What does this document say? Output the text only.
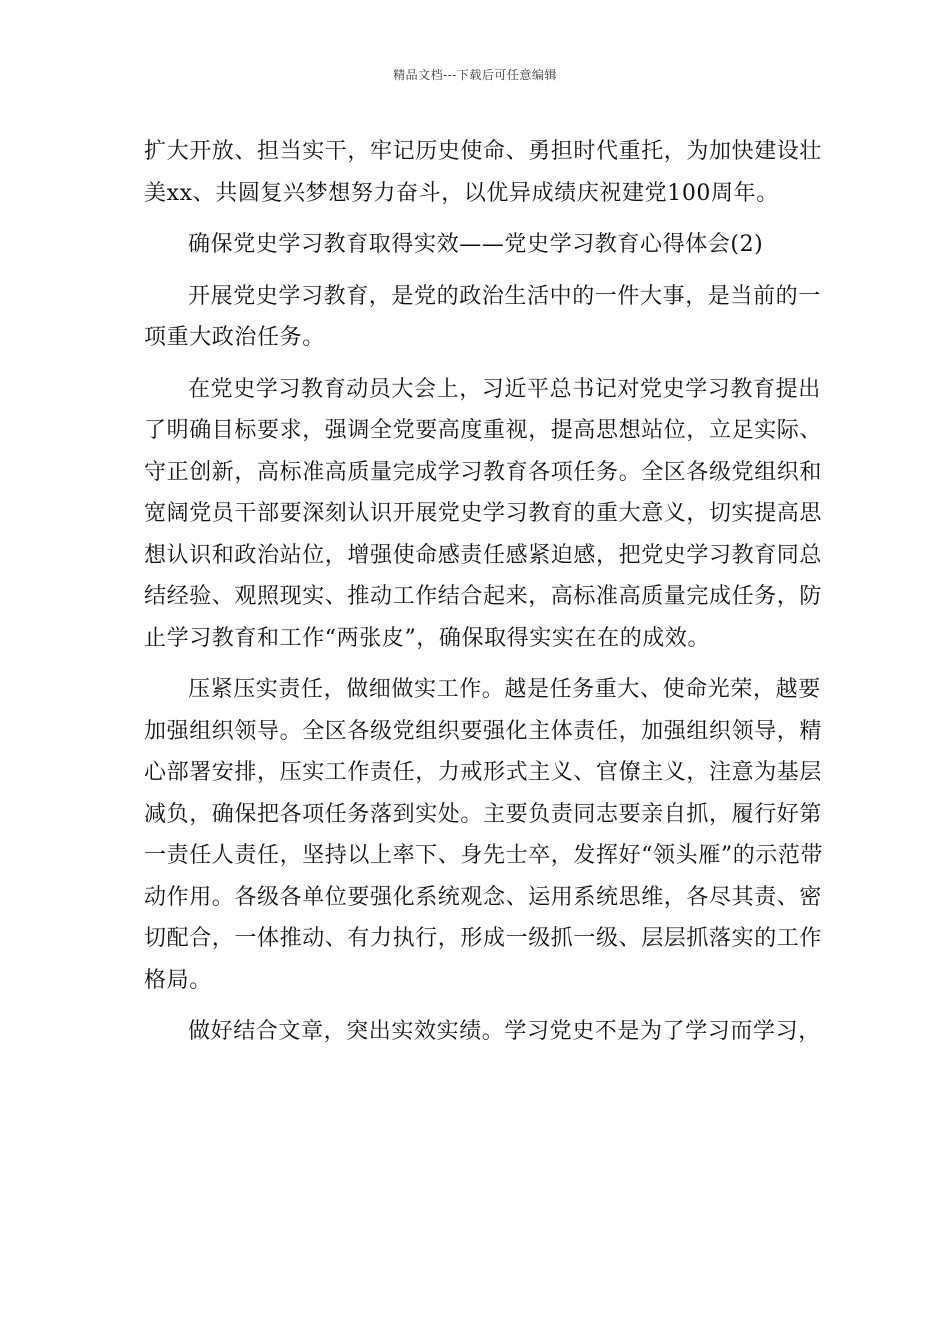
精品文档---下载后可任意编辑

扩大开放、担当实干，牢记历史使命、勇担时代重托，为加快建设壮美xx、共圆复兴梦想努力奋斗，以优异成绩庆祝建党100周年。

确保党史学习教育取得实效——党史学习教育心得体会(2)

开展党史学习教育，是党的政治生活中的一件大事，是当前的一项重大政治任务。

在党史学习教育动员大会上，习近平总书记对党史学习教育提出了明确目标要求，强调全党要高度重视，提高思想站位，立足实际、守正创新，高标准高质量完成学习教育各项任务。全区各级党组织和宽阔党员干部要深刻认识开展党史学习教育的重大意义，切实提高思想认识和政治站位，增强使命感责任感紧迫感，把党史学习教育同总结经验、观照现实、推动工作结合起来，高标准高质量完成任务，防止学习教育和工作“两张皮”，确保取得实实在在的成效。

压紧压实责任，做细做实工作。越是任务重大、使命光荣，越要加强组织领导。全区各级党组织要强化主体责任，加强组织领导，精心部署安排，压实工作责任，力戒形式主义、官僚主义，注意为基层减负，确保把各项任务落到实处。主要负责同志要亲自抓，履行好第一责任人责任，坚持以上率下、身先士卒，发挥好“领头雁”的示范带动作用。各级各单位要强化系统观念、运用系统思维，各尽其责、密切配合，一体推动、有力执行，形成一级抓一级、层层抓落实的工作格局。

做好结合文章，突出实效实绩。学习党史不是为了学习而学习，
